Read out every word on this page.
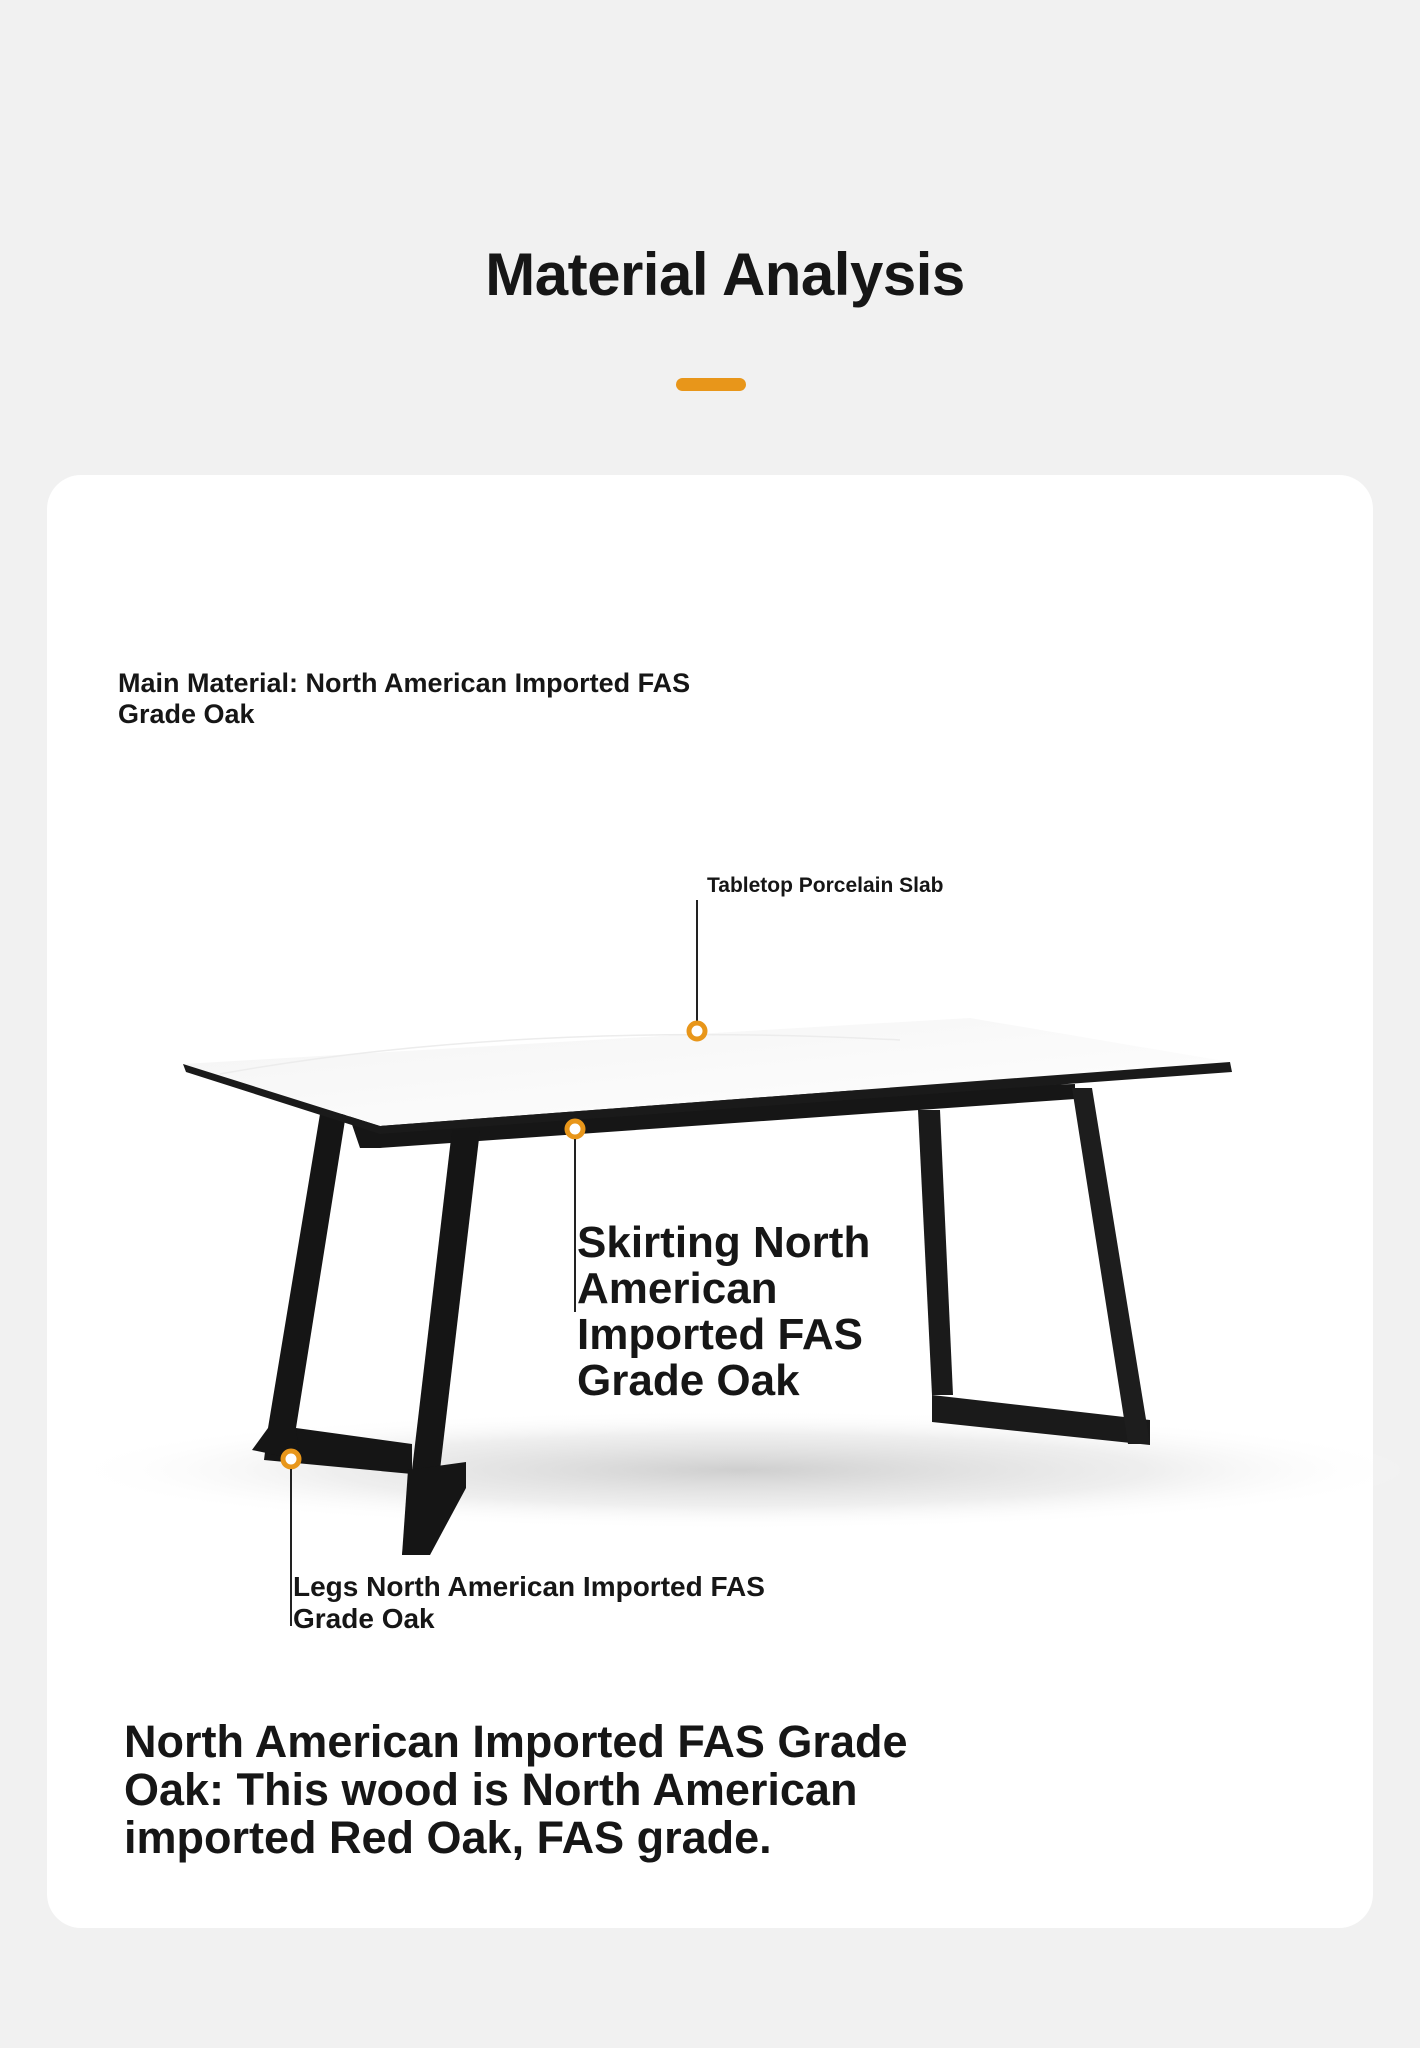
Material Analysis

Main Material: North American Imported FAS Grade Oak

Tabletop Porcelain Slab

Skirting North American Imported FAS Grade Oak

Legs North American Imported FAS Grade Oak

North American Imported FAS Grade Oak: This wood is North American imported Red Oak, FAS grade.
